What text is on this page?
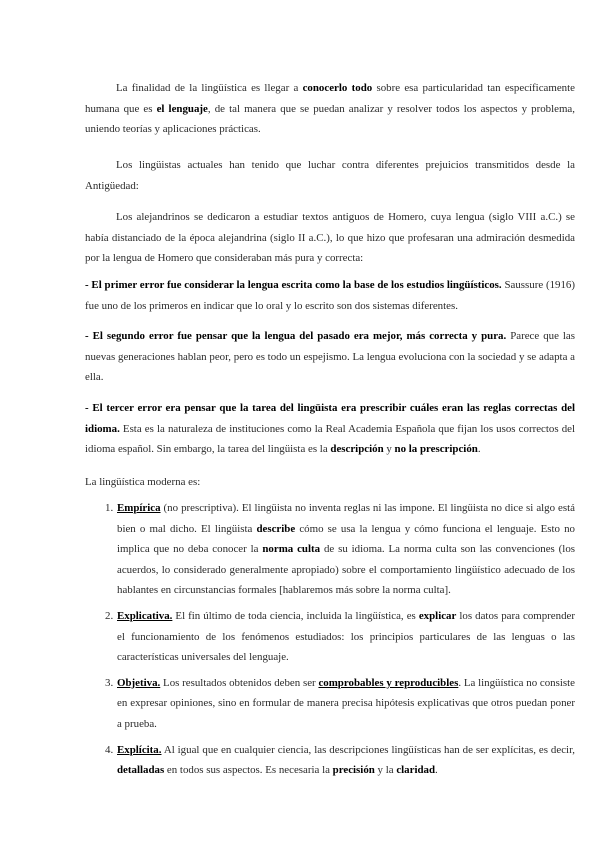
La finalidad de la lingüística es llegar a conocerlo todo sobre esa particularidad tan específicamente humana que es el lenguaje, de tal manera que se puedan analizar y resolver todos los aspectos y problema, uniendo teorías y aplicaciones prácticas.

Los lingüistas actuales han tenido que luchar contra diferentes prejuicios transmitidos desde la Antigüedad:

Los alejandrinos se dedicaron a estudiar textos antiguos de Homero, cuya lengua (siglo VIII a.C.) se había distanciado de la época alejandrina (siglo II a.C.), lo que hizo que profesaran una admiración desmedida por la lengua de Homero que consideraban más pura y correcta:

- El primer error fue considerar la lengua escrita como la base de los estudios lingüísticos. Saussure (1916) fue uno de los primeros en indicar que lo oral y lo escrito son dos sistemas diferentes.

- El segundo error fue pensar que la lengua del pasado era mejor, más correcta y pura. Parece que las nuevas generaciones hablan peor, pero es todo un espejismo. La lengua evoluciona con la sociedad y se adapta a ella.

- El tercer error era pensar que la tarea del lingüista era prescribir cuáles eran las reglas correctas del idioma. Esta es la naturaleza de instituciones como la Real Academia Española que fijan los usos correctos del idioma español. Sin embargo, la tarea del lingüista es la descripción y no la prescripción.

La lingüística moderna es:

1. Empírica (no prescriptiva). El lingüista no inventa reglas ni las impone. El lingüista no dice si algo está bien o mal dicho. El lingüista describe cómo se usa la lengua y cómo funciona el lenguaje. Esto no implica que no deba conocer la norma culta de su idioma. La norma culta son las convenciones (los acuerdos, lo considerado generalmente apropiado) sobre el comportamiento lingüístico adecuado de los hablantes en circunstancias formales [hablaremos más sobre la norma culta].
2. Explicativa. El fin último de toda ciencia, incluida la lingüística, es explicar los datos para comprender el funcionamiento de los fenómenos estudiados: los principios particulares de las lenguas o las características universales del lenguaje.
3. Objetiva. Los resultados obtenidos deben ser comprobables y reproducibles. La lingüística no consiste en expresar opiniones, sino en formular de manera precisa hipótesis explicativas que otros puedan poner a prueba.
4. Explícita. Al igual que en cualquier ciencia, las descripciones lingüísticas han de ser explícitas, es decir, detalladas en todos sus aspectos. Es necesaria la precisión y la claridad.
